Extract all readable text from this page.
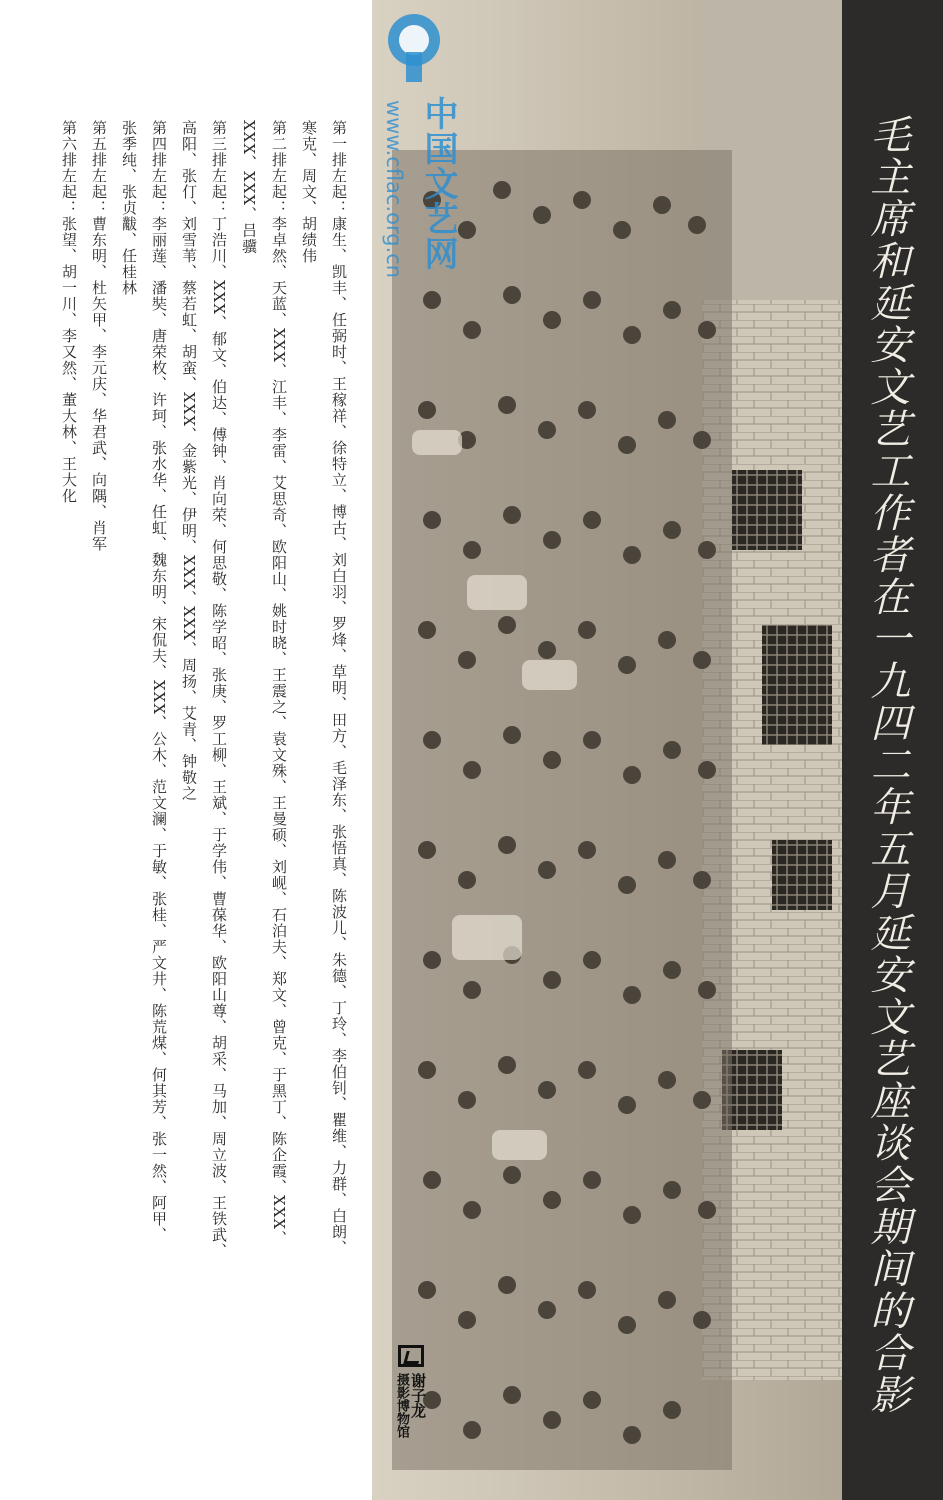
第一排左起：康生、凯丰、任弼时、王稼祥、徐特立、博古、刘白羽、罗烽、草明、田方、毛泽东、张悟真、陈波儿、朱德、丁玲、李伯钊、瞿维、力群、白朗、
寒克、周文、胡绩伟
第二排左起：李卓然、天蓝、XXX、江丰、李雷、艾思奇、欧阳山、姚时晓、王震之、袁文殊、王曼硕、刘岘、石泊夫、郑文、曾克、于黑丁、陈企霞、XXX、
XXX、XXX、吕骥
第三排左起：丁浩川、XXX、郁文、伯达、傅钟、肖向荣、何思敬、陈学昭、张庚、罗工柳、王斌、于学伟、曹葆华、欧阳山尊、胡采、马加、周立波、王铁武、
高阳、张仃、刘雪苇、蔡若虹、胡蛮、XXX、金紫光、伊明、XXX、XXX、周扬、艾青、钟敬之
第四排左起：李丽莲、潘奘、唐荣枚、许珂、张水华、任虹、魏东明、宋侃夫、XXX、公木、范文澜、于敏、张桂、严文井、陈荒煤、何其芳、张一然、阿甲、
张季纯、张贞黻、任桂林
第五排左起：曹东明、杜矢甲、李元庆、华君武、向隅、肖军
第六排左起：张望、胡一川、李又然、董大林、王大化	毛主席和延安文艺工作者在一九四二年五月延安文艺座谈会期间的合影
www.cflac.org.cn 中国文艺网
谢子龙
摄影博物馆
